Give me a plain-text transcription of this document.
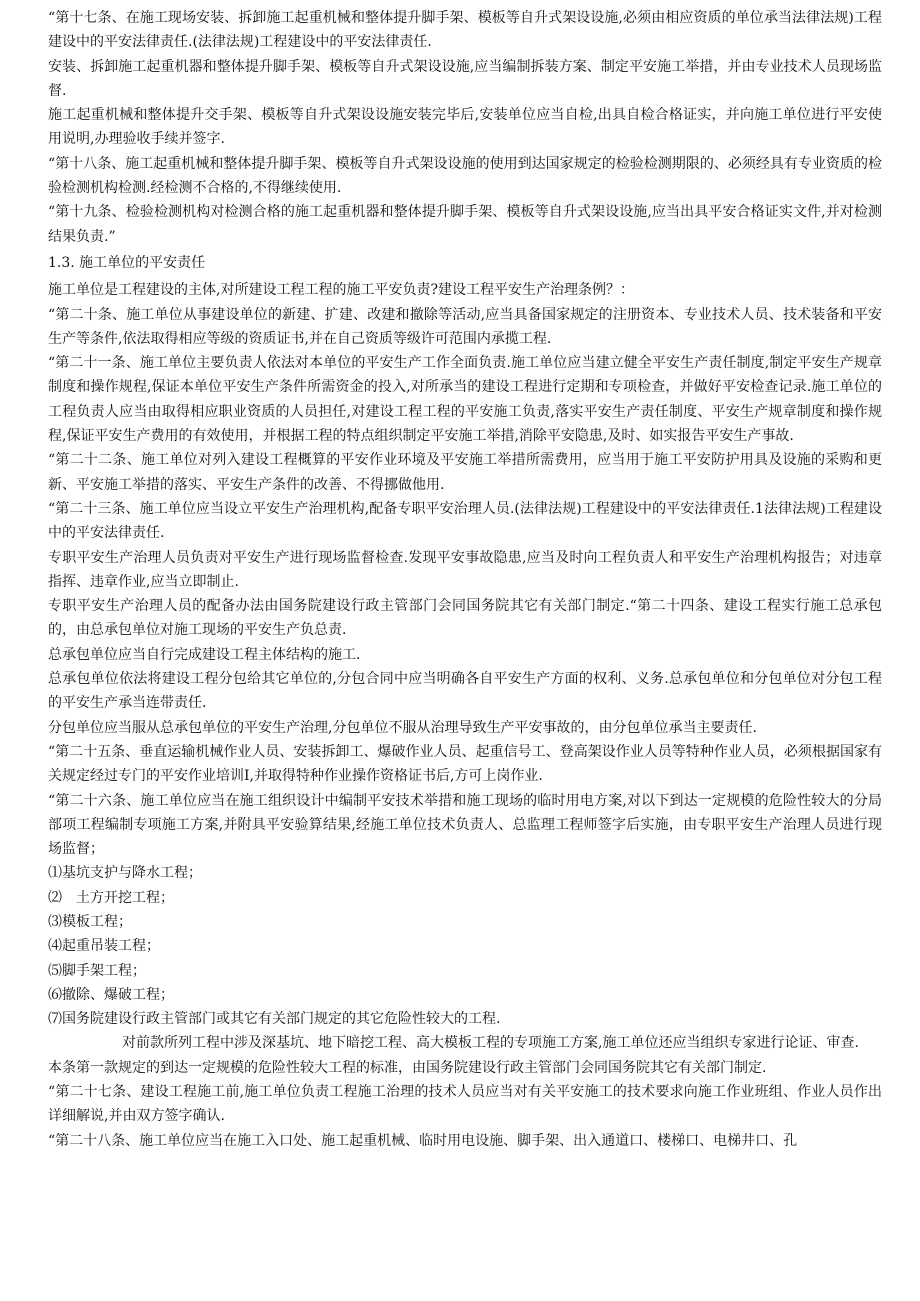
“第十七条、在施工现场安装、拆卸施工起重机械和整体提升脚手架、模板等自升式架设设施,必须由相应资质的单位承当法律法规)工程建设中的平安法律责任.(法律法规)工程建设中的平安法律责任.

安装、拆卸施工起重机器和整体提升脚手架、模板等自升式架设设施,应当编制拆装方案、制定平安施工举措，并由专业技术人员现场监督.

施工起重机械和整体提升交手架、模板等自升式架设设施安装完毕后,安装单位应当自检,出具自检合格证实，并向施工单位进行平安使用说明,办理验收手续并签字.

“第十八条、施工起重机械和整体提升脚手架、模板等自升式架设设施的使用到达国家规定的检验检测期限的、必须经具有专业资质的检验检测机构检测.经检测不合格的,不得继续使用.

“第十九条、检验检测机构对检测合格的施工起重机器和整体提升脚手架、模板等自升式架设设施,应当出具平安合格证实文件,并对检测结果负责.”

1.3. 施工单位的平安责任

施工单位是工程建设的主体,对所建设工程工程的施工平安负责?建设工程平安生产治理条例？：

“第二十条、施工单位从事建设单位的新建、扩建、改建和撤除等活动,应当具备国家规定的注册资本、专业技术人员、技术装备和平安生产等条件,依法取得相应等级的资质证书,并在自己资质等级许可范围内承揽工程.

“第二十一条、施工单位主要负责人依法对本单位的平安生产工作全面负责.施工单位应当建立健全平安生产责任制度,制定平安生产规章制度和操作规程,保证本单位平安生产条件所需资金的投入,对所承当的建设工程进行定期和专项检查，并做好平安检查记录.施工单位的工程负责人应当由取得相应职业资质的人员担任,对建设工程工程的平安施工负责,落实平安生产责任制度、平安生产规章制度和操作规程,保证平安生产费用的有效使用，并根据工程的特点组织制定平安施工举措,消除平安隐患,及时、如实报告平安生产事故.

“第二十二条、施工单位对列入建设工程概算的平安作业环境及平安施工举措所需费用，应当用于施工平安防护用具及设施的采购和更新、平安施工举措的落实、平安生产条件的改善、不得挪做他用.

“第二十三条、施工单位应当设立平安生产治理机构,配备专职平安治理人员.(法律法规)工程建设中的平安法律责任.1法律法规)工程建设中的平安法律责任.

专职平安生产治理人员负责对平安生产进行现场监督检查.发现平安事故隐患,应当及时向工程负责人和平安生产治理机构报告；对违章指挥、违章作业,应当立即制止.

专职平安生产治理人员的配备办法由国务院建设行政主管部门会同国务院其它有关部门制定.“第二十四条、建设工程实行施工总承包的，由总承包单位对施工现场的平安生产负总责.

总承包单位应当自行完成建设工程主体结构的施工.

总承包单位依法将建设工程分包给其它单位的,分包合同中应当明确各自平安生产方面的权利、义务.总承包单位和分包单位对分包工程的平安生产承当连带责任.

分包单位应当服从总承包单位的平安生产治理,分包单位不服从治理导致生产平安事故的，由分包单位承当主要责任.

“第二十五条、垂直运输机械作业人员、安装拆卸工、爆破作业人员、起重信号工、登高架设作业人员等特种作业人员，必须根据国家有关规定经过专门的平安作业培训Ⅰ,并取得特种作业操作资格证书后,方可上岗作业.

“第二十六条、施工单位应当在施工组织设计中编制平安技术举措和施工现场的临时用电方案,对以下到达一定规模的危险性较大的分局部项工程编制专项施工方案,并附具平安验算结果,经施工单位技术负责人、总监理工程师签字后实施，由专职平安生产治理人员进行现场监督；

⑴基坑支护与降水工程；

⑵　土方开挖工程；

⑶模板工程；

⑷起重吊装工程；

⑸脚手架工程；

⑹撤除、爆破工程；

⑺国务院建设行政主管部门或其它有关部门规定的其它危险性较大的工程.

对前款所列工程中涉及深基坑、地下暗挖工程、高大模板工程的专项施工方案,施工单位还应当组织专家进行论证、审查.

本条第一款规定的到达一定规模的危险性较大工程的标准，由国务院建设行政主管部门会同国务院其它有关部门制定.

“第二十七条、建设工程施工前,施工单位负责工程施工治理的技术人员应当对有关平安施工的技术要求向施工作业班组、作业人员作出详细解说,并由双方签字确认.

“第二十八条、施工单位应当在施工入口处、施工起重机械、临时用电设施、脚手架、出入通道口、楼梯口、电梯井口、孔
